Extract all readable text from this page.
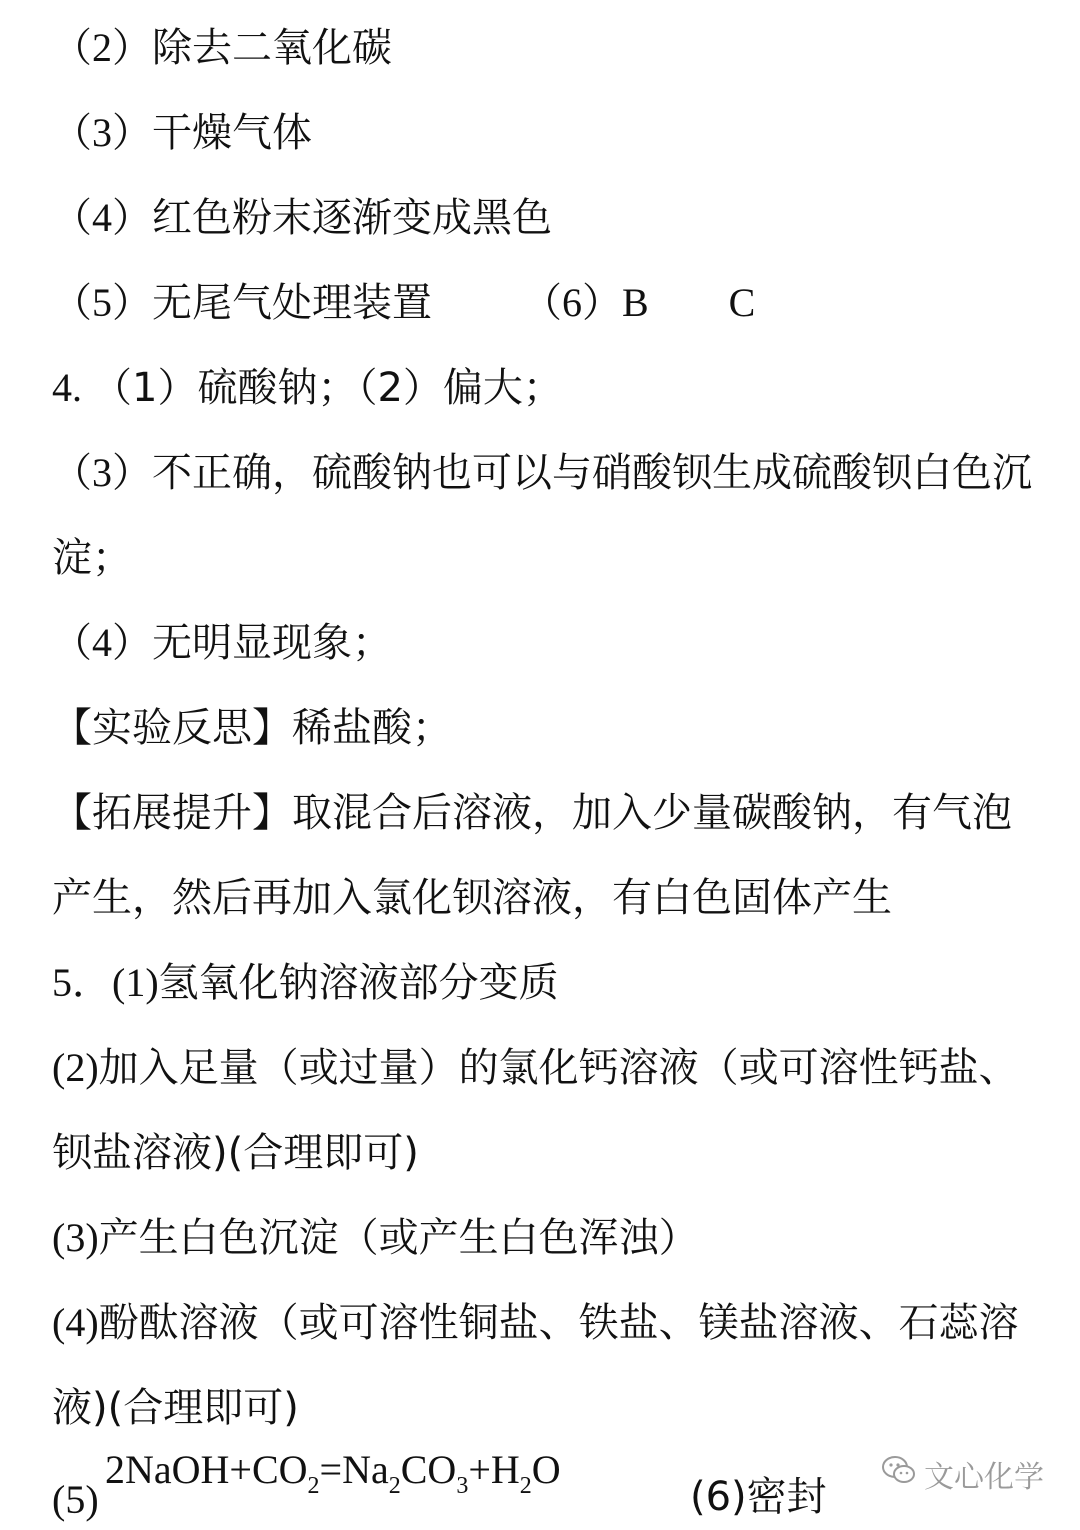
（2）除去二氧化碳
（3）干燥气体
（4）红色粉末逐渐变成黑色
（5）无尾气处理装置 （6）B　　C
4. （1）硫酸钠；（2）偏大；
（3）不正确，硫酸钠也可以与硝酸钡生成硫酸钡白色沉
淀；
（4）无明显现象；
【实验反思】稀盐酸；
【拓展提升】取混合后溶液，加入少量碳酸钠，有气泡
产生，然后再加入氯化钡溶液，有白色固体产生
5．(1)氢氧化钠溶液部分变质
(2)加入足量（或过量）的氯化钙溶液（或可溶性钙盐、
钡盐溶液)(合理即可)
(3)产生白色沉淀（或产生白色浑浊）
(4)酚酞溶液（或可溶性铜盐、铁盐、镁盐溶液、石蕊溶
液)(合理即可)
(5)
$2NaOH+CO_2=Na_2CO_3+H_2O$
(6)密封	文心化学
